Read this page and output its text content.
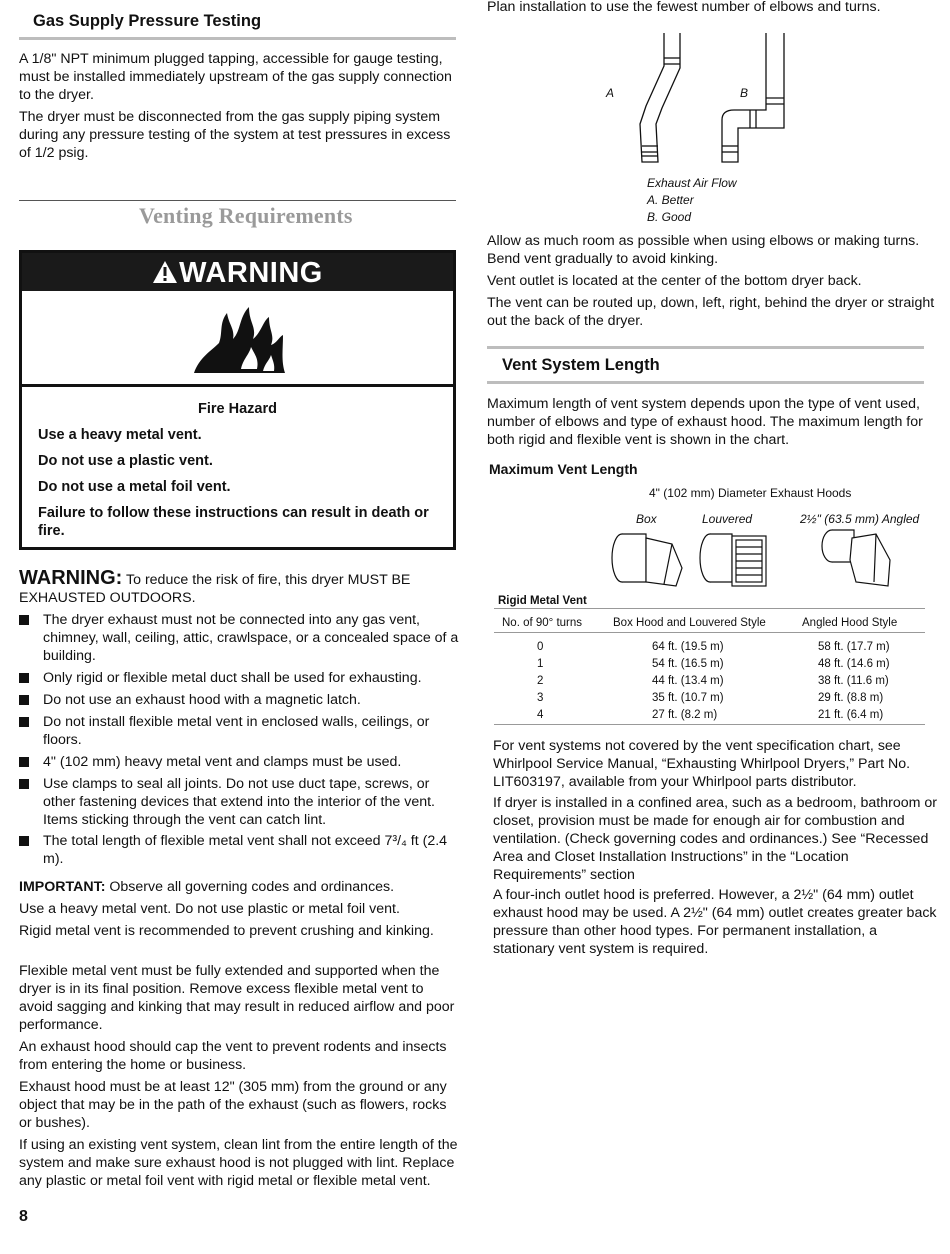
Gas Supply Pressure Testing

A 1/8" NPT minimum plugged tapping, accessible for gauge testing, must be installed immediately upstream of the gas supply connection to the dryer.

The dryer must be disconnected from the gas supply piping system during any pressure testing of the system at test pressures in excess of 1/2 psig.

Venting Requirements
WARNING
Fire Hazard
Use a heavy metal vent.
Do not use a plastic vent.
Do not use a metal foil vent.
Failure to follow these instructions can result in death or fire.

WARNING: To reduce the risk of fire, this dryer MUST BE EXHAUSTED OUTDOORS.

The dryer exhaust must not be connected into any gas vent, chimney, wall, ceiling, attic, crawlspace, or a concealed space of a building.

Only rigid or flexible metal duct shall be used for exhausting.

Do not use an exhaust hood with a magnetic latch.

Do not install flexible metal vent in enclosed walls, ceilings, or floors.

4" (102 mm) heavy metal vent and clamps must be used.

Use clamps to seal all joints. Do not use duct tape, screws, or other fastening devices that extend into the interior of the vent. Items sticking through the vent can catch lint.

The total length of flexible metal vent shall not exceed 7³/₄ ft (2.4 m).

IMPORTANT: Observe all governing codes and ordinances.

Use a heavy metal vent. Do not use plastic or metal foil vent.

Rigid metal vent is recommended to prevent crushing and kinking.

Flexible metal vent must be fully extended and supported when the dryer is in its final position. Remove excess flexible metal vent to avoid sagging and kinking that may result in reduced airflow and poor performance.

An exhaust hood should cap the vent to prevent rodents and insects from entering the home or business.

Exhaust hood must be at least 12" (305 mm) from the ground or any object that may be in the path of the exhaust (such as flowers, rocks or bushes).

If using an existing vent system, clean lint from the entire length of the system and make sure exhaust hood is not plugged with lint. Replace any plastic or metal foil vent with rigid metal or flexible metal vent.

8

Plan installation to use the fewest number of elbows and turns.

A	B
Exhaust Air Flow
A. Better
B. Good

Allow as much room as possible when using elbows or making turns. Bend vent gradually to avoid kinking.

Vent outlet is located at the center of the bottom dryer back.

The vent can be routed up, down, left, right, behind the dryer or straight out the back of the dryer.

Vent System Length

Maximum length of vent system depends upon the type of vent used, number of elbows and type of exhaust hood. The maximum length for both rigid and flexible vent is shown in the chart.

Maximum Vent Length
4" (102 mm) Diameter Exhaust Hoods
Box	Louvered	2½" (63.5 mm) Angled
Rigid Metal Vent
No. of 90° turns	Box Hood and Louvered Style	Angled Hood Style
0	64 ft. (19.5 m)	58 ft. (17.7 m)
1	54 ft. (16.5 m)	48 ft. (14.6 m)
2	44 ft. (13.4 m)	38 ft. (11.6 m)
3	35 ft. (10.7 m)	29 ft. (8.8 m)
4	27 ft. (8.2 m)	21 ft. (6.4 m)

For vent systems not covered by the vent specification chart, see Whirlpool Service Manual, “Exhausting Whirlpool Dryers,” Part No. LIT603197, available from your Whirlpool parts distributor.

If dryer is installed in a confined area, such as a bedroom, bathroom or closet, provision must be made for enough air for combustion and ventilation. (Check governing codes and ordinances.) See “Recessed Area and Closet Installation Instructions” in the “Location Requirements” section

A four-inch outlet hood is preferred. However, a 2½" (64 mm) outlet exhaust hood may be used. A 2½" (64 mm) outlet creates greater back pressure than other hood types. For permanent installation, a stationary vent system is required.
